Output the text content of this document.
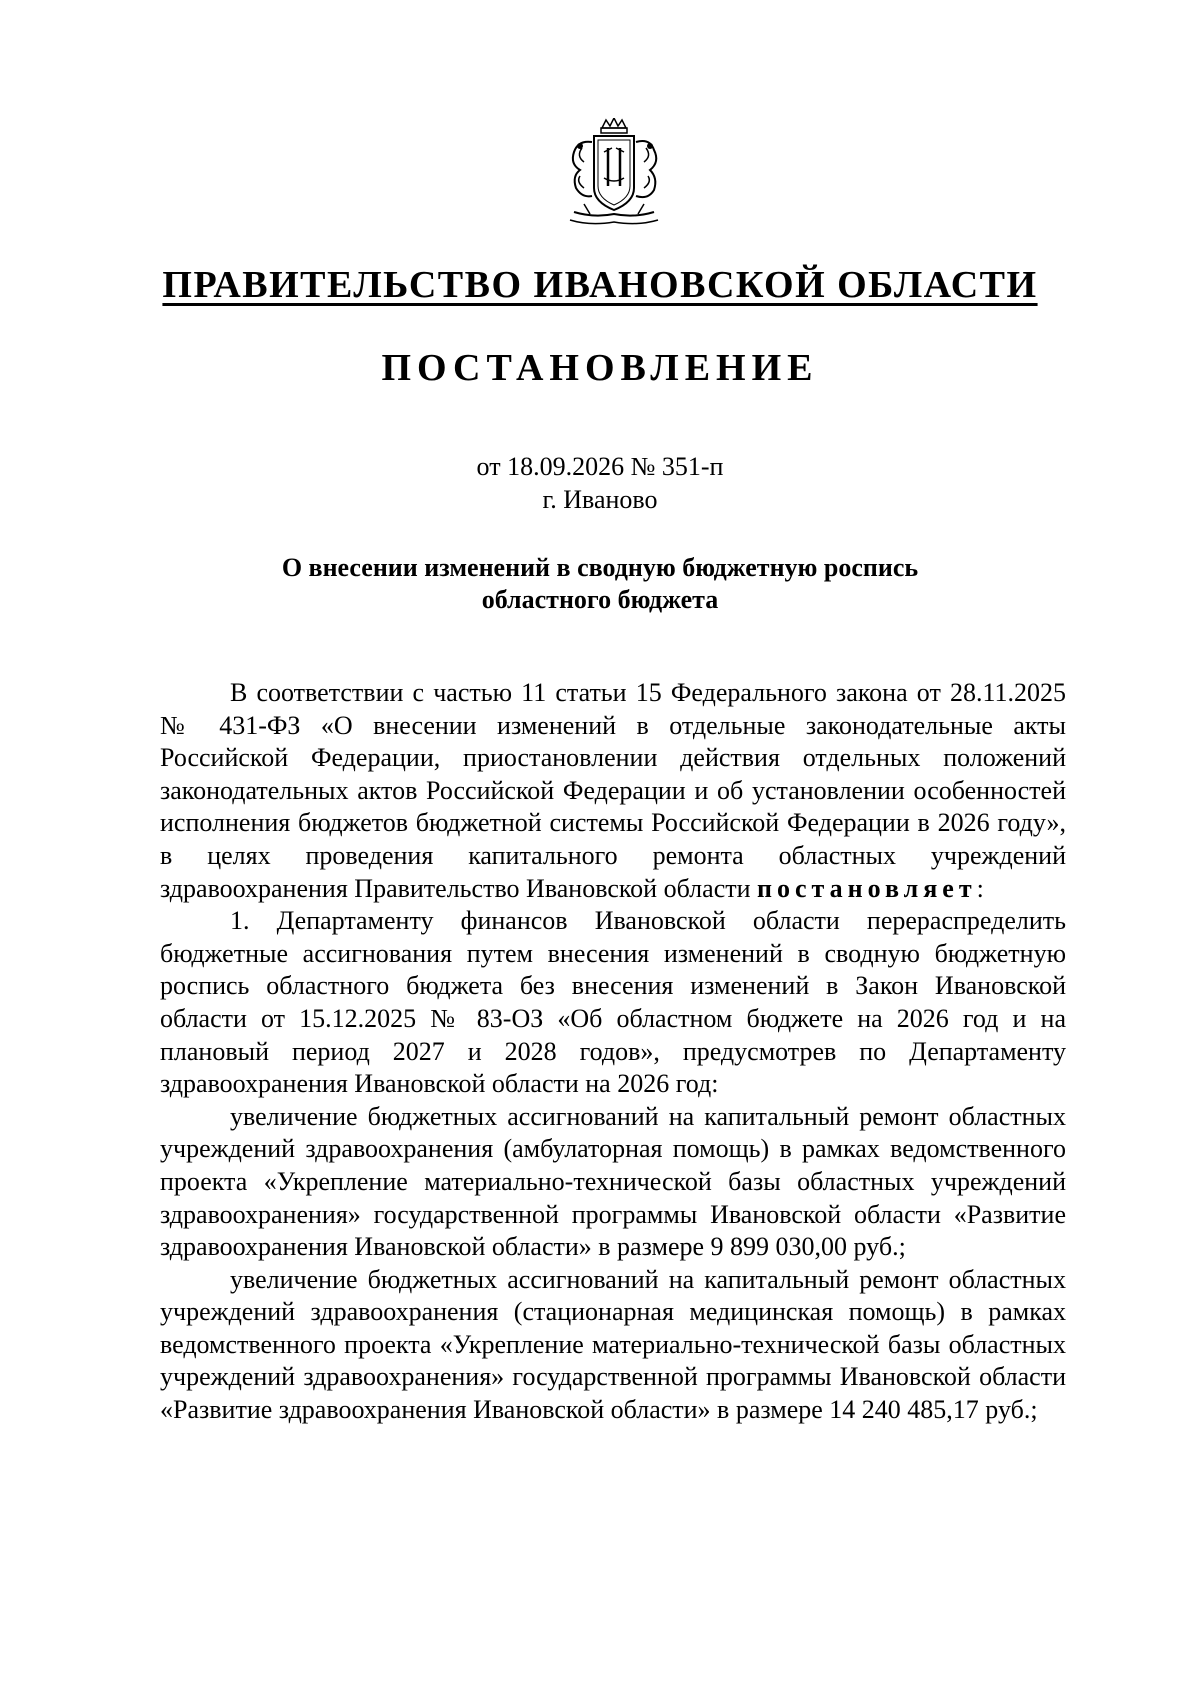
ПРАВИТЕЛЬСТВО ИВАНОВСКОЙ ОБЛАСТИ
ПОСТАНОВЛЕНИЕ
от 18.09.2026 № 351-п
г. Иваново
О внесении изменений в сводную бюджетную роспись
областного бюджета

В соответствии с частью 11 статьи 15 Федерального закона от 28.11.2025 № 431-ФЗ «О внесении изменений в отдельные законодательные акты Российской Федерации, приостановлении действия отдельных положений законодательных актов Российской Федерации и об установлении особенностей исполнения бюджетов бюджетной системы Российской Федерации в 2026 году», в целях проведения капитального ремонта областных учреждений здравоохранения Правительство Ивановской области постановляет:

1. Департаменту финансов Ивановской области перераспределить бюджетные ассигнования путем внесения изменений в сводную бюджетную роспись областного бюджета без внесения изменений в Закон Ивановской области от 15.12.2025 № 83-ОЗ «Об областном бюджете на 2026 год и на плановый период 2027 и 2028 годов», предусмотрев по Департаменту здравоохранения Ивановской области на 2026 год:

увеличение бюджетных ассигнований на капитальный ремонт областных учреждений здравоохранения (амбулаторная помощь) в рамках ведомственного проекта «Укрепление материально-технической базы областных учреждений здравоохранения» государственной программы Ивановской области «Развитие здравоохранения Ивановской области» в размере 9 899 030,00 руб.;

увеличение бюджетных ассигнований на капитальный ремонт областных учреждений здравоохранения (стационарная медицинская помощь) в рамках ведомственного проекта «Укрепление материально-технической базы областных учреждений здравоохранения» государственной программы Ивановской области «Развитие здравоохранения Ивановской области» в размере 14 240 485,17 руб.;
